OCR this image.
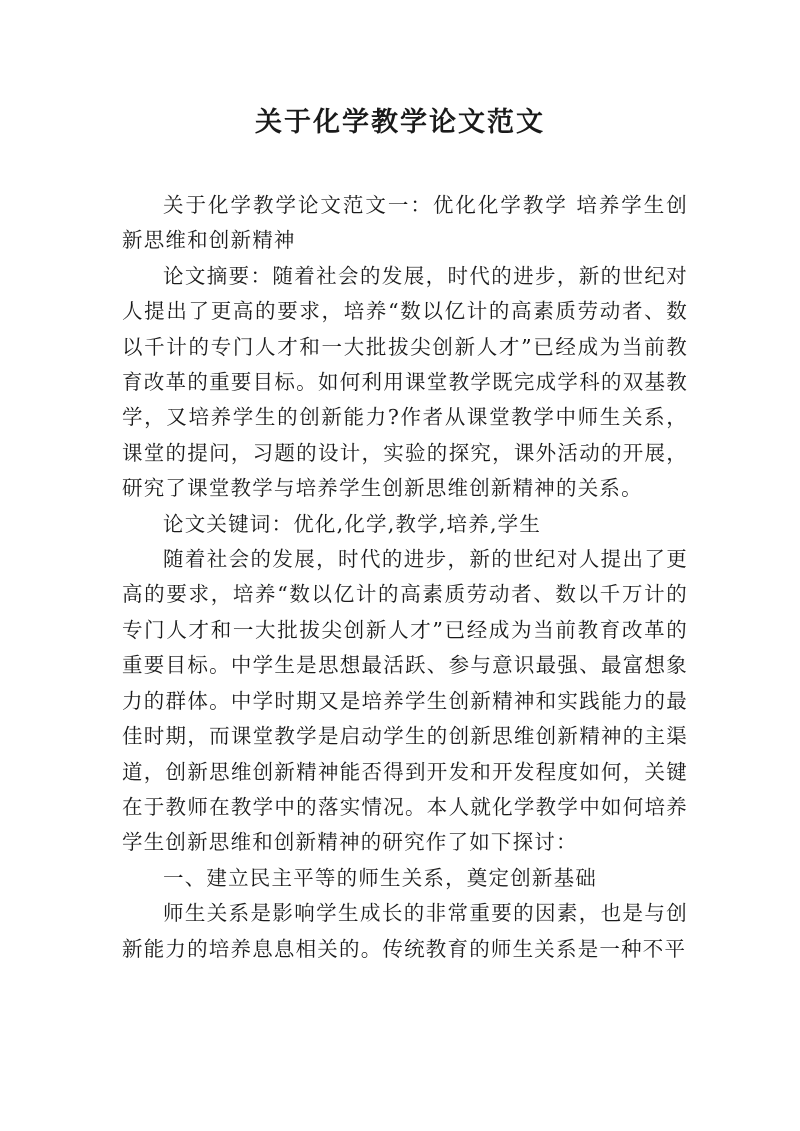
关于化学教学论文范文

关于化学教学论文范文一：优化化学教学 培养学生创新思维和创新精神

论文摘要：随着社会的发展，时代的进步，新的世纪对人提出了更高的要求，培养“数以亿计的高素质劳动者、数以千计的专门人才和一大批拔尖创新人才”已经成为当前教育改革的重要目标。如何利用课堂教学既完成学科的双基教学，又培养学生的创新能力?作者从课堂教学中师生关系，课堂的提问，习题的设计，实验的探究，课外活动的开展，研究了课堂教学与培养学生创新思维创新精神的关系。

论文关键词：优化,化学,教学,培养,学生

随着社会的发展，时代的进步，新的世纪对人提出了更高的要求，培养“数以亿计的高素质劳动者、数以千万计的专门人才和一大批拔尖创新人才”已经成为当前教育改革的重要目标。中学生是思想最活跃、参与意识最强、最富想象力的群体。中学时期又是培养学生创新精神和实践能力的最佳时期，而课堂教学是启动学生的创新思维创新精神的主渠道，创新思维创新精神能否得到开发和开发程度如何，关键在于教师在教学中的落实情况。本人就化学教学中如何培养学生创新思维和创新精神的研究作了如下探讨：

一、建立民主平等的师生关系，奠定创新基础

师生关系是影响学生成长的非常重要的因素，也是与创新能力的培养息息相关的。传统教育的师生关系是一种不平
